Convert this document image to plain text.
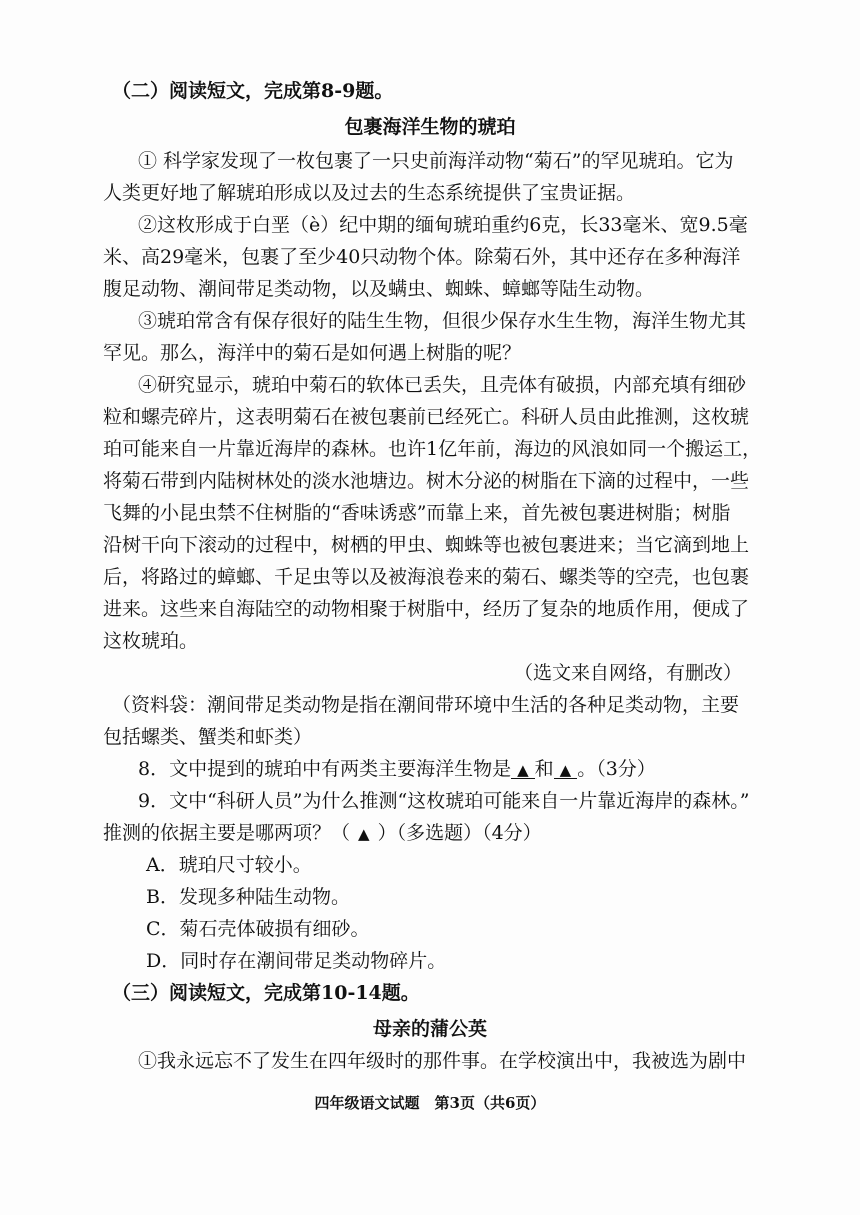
（二）阅读短文，完成第8-9题。
包裹海洋生物的琥珀
① 科学家发现了一枚包裹了一只史前海洋动物“菊石”的罕见琥珀。它为
人类更好地了解琥珀形成以及过去的生态系统提供了宝贵证据。
②这枚形成于白垩（è）纪中期的缅甸琥珀重约6克，长33毫米、宽9.5毫
米、高29毫米，包裹了至少40只动物个体。除菊石外，其中还存在多种海洋
腹足动物、潮间带足类动物，以及螨虫、蜘蛛、蟑螂等陆生动物。
③琥珀常含有保存很好的陆生生物，但很少保存水生生物，海洋生物尤其
罕见。那么，海洋中的菊石是如何遇上树脂的呢？
④研究显示，琥珀中菊石的软体已丢失，且壳体有破损，内部充填有细砂
粒和螺壳碎片，这表明菊石在被包裹前已经死亡。科研人员由此推测，这枚琥
珀可能来自一片靠近海岸的森林。也许1亿年前，海边的风浪如同一个搬运工，
将菊石带到内陆树林处的淡水池塘边。树木分泌的树脂在下滴的过程中，一些
飞舞的小昆虫禁不住树脂的“香味诱惑”而靠上来，首先被包裹进树脂；树脂
沿树干向下滚动的过程中，树栖的甲虫、蜘蛛等也被包裹进来；当它滴到地上
后，将路过的蟑螂、千足虫等以及被海浪卷来的菊石、螺类等的空壳，也包裹
进来。这些来自海陆空的动物相聚于树脂中，经历了复杂的地质作用，便成了
这枚琥珀。
（选文来自网络，有删改）
（资料袋：潮间带足类动物是指在潮间带环境中生活的各种足类动物，主要
包括螺类、蟹类和虾类）
8．文中提到的琥珀中有两类主要海洋生物是 ▲ 和 ▲ 。（3分）
9．文中“科研人员”为什么推测“这枚琥珀可能来自一片靠近海岸的森林。”
推测的依据主要是哪两项？（ ▲ ）（多选题）（4分）
A．琥珀尺寸较小。
B．发现多种陆生动物。
C．菊石壳体破损有细砂。
D．同时存在潮间带足类动物碎片。
（三）阅读短文，完成第10-14题。
母亲的蒲公英
①我永远忘不了发生在四年级时的那件事。在学校演出中，我被选为剧中
四年级语文试题　第3页（共6页）
